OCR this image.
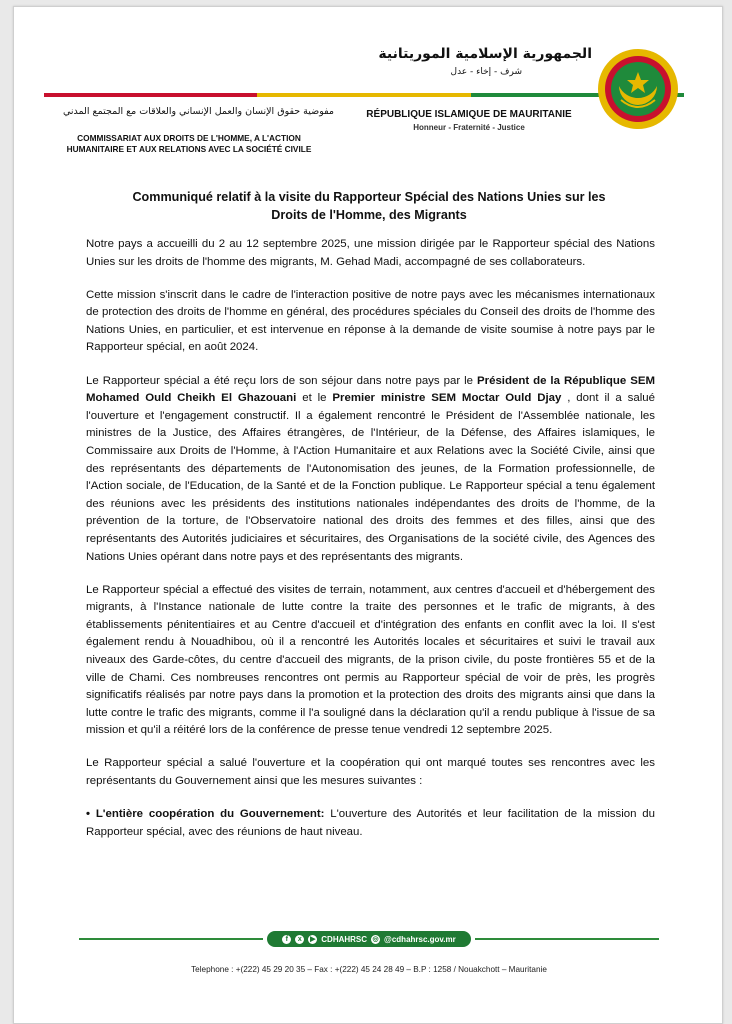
الجمهورية الإسلامية الموريتانية
شرف - إخاء - عدل
RÉPUBLIQUE ISLAMIQUE DE MAURITANIE
Honneur - Fraternité - Justice
مفوضية حقوق الإنسان والعمل الإنساني والعلاقات مع المجتمع المدني
COMMISSARIAT AUX DROITS DE L'HOMME, A L'ACTION
HUMANITAIRE ET AUX RELATIONS AVEC LA SOCIÉTÉ CIVILE
Communiqué relatif à la visite du Rapporteur Spécial des Nations Unies sur les
Droits de l'Homme, des Migrants

Notre pays a accueilli du 2 au 12 septembre 2025, une mission dirigée par le Rapporteur spécial des Nations Unies sur les droits de l'homme des migrants, M. Gehad Madi, accompagné de ses collaborateurs.

Cette mission s'inscrit dans le cadre de l'interaction positive de notre pays avec les mécanismes internationaux de protection des droits de l'homme en général, des procédures spéciales du Conseil des droits de l'homme des Nations Unies, en particulier, et est intervenue en réponse à la demande de visite soumise à notre pays par le Rapporteur spécial, en août 2024.

Le Rapporteur spécial a été reçu lors de son séjour dans notre pays par le Président de la République SEM Mohamed Ould Cheikh El Ghazouani et le Premier ministre SEM Moctar Ould Djay , dont il a salué l'ouverture et l'engagement constructif. Il a également rencontré le Président de l'Assemblée nationale, les ministres de la Justice, des Affaires étrangères, de l'Intérieur, de la Défense, des Affaires islamiques, le Commissaire aux Droits de l'Homme, à l'Action Humanitaire et aux Relations avec la Société Civile, ainsi que des représentants des départements de l'Autonomisation des jeunes, de la Formation professionnelle, de l'Action sociale, de l'Education, de la Santé et de la Fonction publique. Le Rapporteur spécial a tenu également des réunions avec les présidents des institutions nationales indépendantes des droits de l'homme, de la prévention de la torture, de l'Observatoire national des droits des femmes et des filles, ainsi que des représentants des Autorités judiciaires et sécuritaires, des Organisations de la société civile, des Agences des Nations Unies opérant dans notre pays et des représentants des migrants.

Le Rapporteur spécial a effectué des visites de terrain, notamment, aux centres d'accueil et d'hébergement des migrants, à l'Instance nationale de lutte contre la traite des personnes et le trafic de migrants, à des établissements pénitentiaires et au Centre d'accueil et d'intégration des enfants en conflit avec la loi. Il s'est également rendu à Nouadhibou, où il a rencontré les Autorités locales et sécuritaires et suivi le travail aux niveaux des Garde-côtes, du centre d'accueil des migrants, de la prison civile, du poste frontières 55 et de la ville de Chami. Ces nombreuses rencontres ont permis au Rapporteur spécial de voir de près, les progrès significatifs réalisés par notre pays dans la promotion et la protection des droits des migrants ainsi que dans la lutte contre le trafic des migrants, comme il l'a souligné dans la déclaration qu'il a rendu publique à l'issue de sa mission et qu'il a réitéré lors de la conférence de presse tenue vendredi 12 septembre 2025.

Le Rapporteur spécial a salué l'ouverture et la coopération qui ont marqué toutes ses rencontres avec les représentants du Gouvernement ainsi que les mesures suivantes :

• L'entière coopération du Gouvernement: L'ouverture des Autorités et leur facilitation de la mission du Rapporteur spécial, avec des réunions de haut niveau.

f	x	▶ CDHAHRSC ◎ @cdhahrsc.gov.mr
Telephone : +(222) 45 29 20 35 – Fax : +(222) 45 24 28 49 – B.P : 1258 / Nouakchott – Mauritanie
